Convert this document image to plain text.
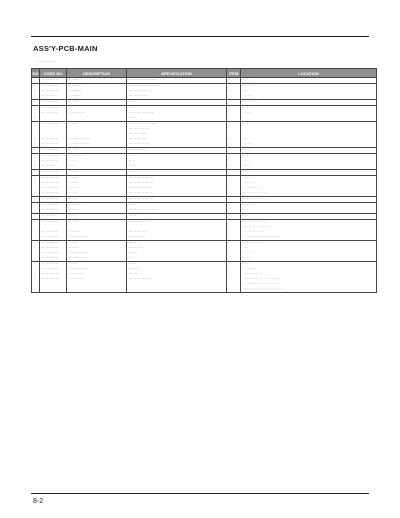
ASS'Y-PCB-MAIN
·· ·· ·· ·· ·· ·
NO	CODE NO	DESCRIPTION	SPECIFICATION	ITEM	LOCATION
·	·· ··· ···· ··	·· ·····	·· ··· ···· ·· ···· ··· ·	·	·· ··
·	·· ··· ···· ··	·· ·· ···· ··	···· ·· ···· ·· ··· ···· ·	·	·· ····
·	·· ··· ···· ··	·· ····· ··	··· ··· ···· ·· ···	·	·· ·
·	·· ··· ····	·· ···· ··	··· ·· ···· ····	·	·· ···
·	·· ··· ···· ··	·· ····	· ···	·	·· ··· ···
·	·· ··· ···· ··		·· ···	·	·· ··
·	·· ··· ···· ··	·· ···· ··· ··	··· ·· ···· ·· ··· ···	·	·· ···
·			·····		
·	·· ··· ···· ··	·· ····	··· ··· ·· ··· ···· ···	·	·· ·
			··· ·· ·· ··· ····		
			··· ··· ·· ·· ·		
·	·· ··· ···· ··	·· ···· ··· ·· ···	··· ·· ···· ···	·	·· ·
·	·· ··· ···· ··	·· ···· ··· ·· ···	···· ·· ··· ·· ···	·	·· ···
·	·· ··· ···· ··	·· ····	·· ··· ·· ··· ··	·	·· ···
·	·· ··· ···· ··	·· ···· ·· ··	···· ·	·	·· ·
·	·· ··· ···· ··	·· ·· ·	·· ··	·	·· ··
·	·· ··· ····	·· ··	·· ···	·	·· ·
·	·· ··· ···· ··	·· ····	·· ··	·	·· ··
·	·· ··· ···· ··	·· ····	··· ·· ··· ·· ··· ·· ·	·	·· ·· ·
·	·· ··· ···· ··	·· ··· ·	··· ··· ·· ··· ·· ···	·	·· ··· ···
·	·· ··· ···· ··	·· ··· ·	··· ·· ··· ·· ·· ···	·	·· ··· ··· ··
·	·· ··· ···· ··	·· ·· ·	··· ··· ·· ··· ·· ··	·	·· ··· ·· ··· ···
·	·· ··· ···· ··	·· ····	··· ·· ··· ·· ··· ···	·	·· ··· ··· ·· ··
·	·· ··· ···· ··	·· ···· ··	·· ··· ·	·	·· ··· ·
·	·· ··· ···· ··	·· ··· ·	··· ··· ·· ··· ·· ··· ··	·	·· ·
·	·· ··· ····	·· ··	·· ···	·	·· ·
·	·· ··· ···· ··	·· ····	··· ·· ·· ··· ·· ··	·	·· ··· ··· ··· ··
					·· ··· ···· ··· ···
·	·· ··· ···· ··	·· ···· ··	··· ·· ··· ·· ··	·	·· ··· ·· ··· ·
·	·· ··· ···· ··	·· ···· ··· ···	···· ·· ··· ··	·	·· ··· ··· ·· ··· ··· ···
·	·· ··· ···· ··	·· ····	·· ···	·	·· ··· ··· ··
·	·· ··· ···· ··	·· ··· ··	··· ·· ····	·	·· ·
·	·· ··· ···· ··	·· ··· ·· ·· ···	··· ···	·	·· ·· ·
·	·· ··· ···· ··	·· ·· ··· ·· ···	·· ·	·	·· ·· ·
·	·· ··· ···· ··	·· ····	·· ···	·	·· ··
·	·· ··· ···· ··	·· ···· ··· ···	··· ·· ···	·	·· ··· ··
·	·· ··· ···· ··	·· ··· ·· ···	··· ···	·	·· ··· ··· ··
·	·· ··· ···· ··	·· ··· ·· ··	··· ·· ··· ·· ··· ··	·	·· ··· ··· ··· ··· ··· ···
					·· ··· ··· ··· ··· ··· ··
					·· ··· ··· ··· ··· ··· ··· ··
8-2
